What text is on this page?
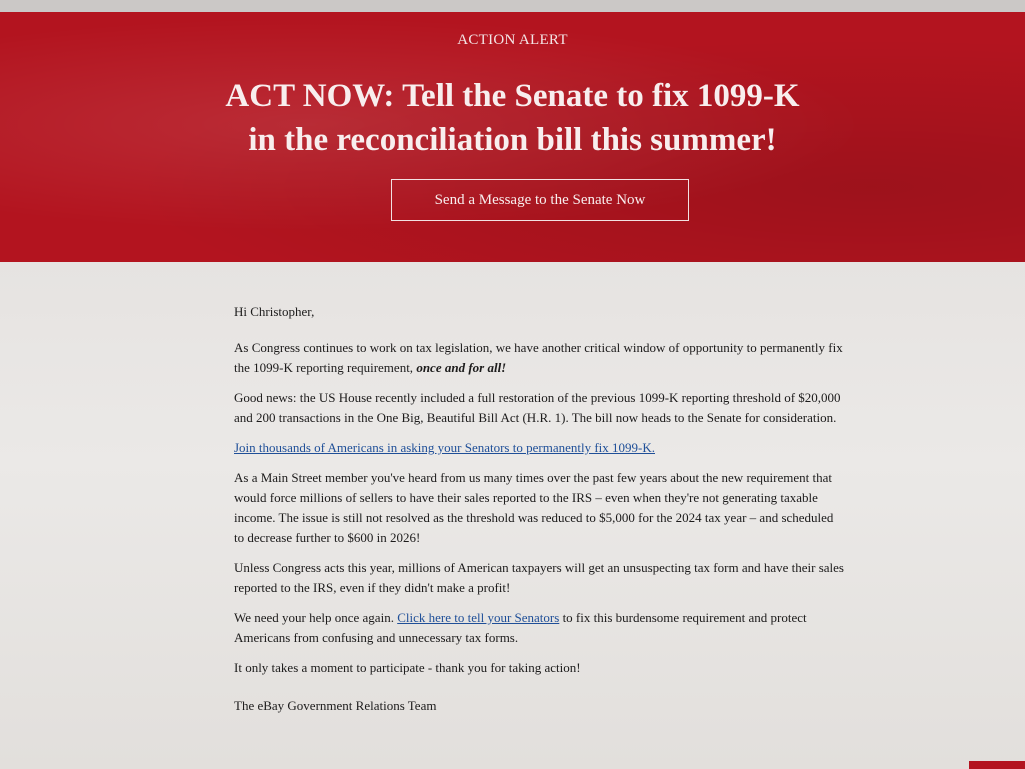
ACTION ALERT
ACT NOW: Tell the Senate to fix 1099-K
in the reconciliation bill this summer!
Send a Message to the Senate Now
Hi Christopher,

As Congress continues to work on tax legislation, we have another critical window of opportunity to permanently fix the 1099-K reporting requirement, once and for all!

Good news: the US House recently included a full restoration of the previous 1099-K reporting threshold of $20,000 and 200 transactions in the One Big, Beautiful Bill Act (H.R. 1). The bill now heads to the Senate for consideration.

Join thousands of Americans in asking your Senators to permanently fix 1099-K.

As a Main Street member you've heard from us many times over the past few years about the new requirement that would force millions of sellers to have their sales reported to the IRS – even when they're not generating taxable income. The issue is still not resolved as the threshold was reduced to $5,000 for the 2024 tax year – and scheduled to decrease further to $600 in 2026!

Unless Congress acts this year, millions of American taxpayers will get an unsuspecting tax form and have their sales reported to the IRS, even if they didn't make a profit!

We need your help once again. Click here to tell your Senators to fix this burdensome requirement and protect Americans from confusing and unnecessary tax forms.

It only takes a moment to participate - thank you for taking action!

The eBay Government Relations Team
